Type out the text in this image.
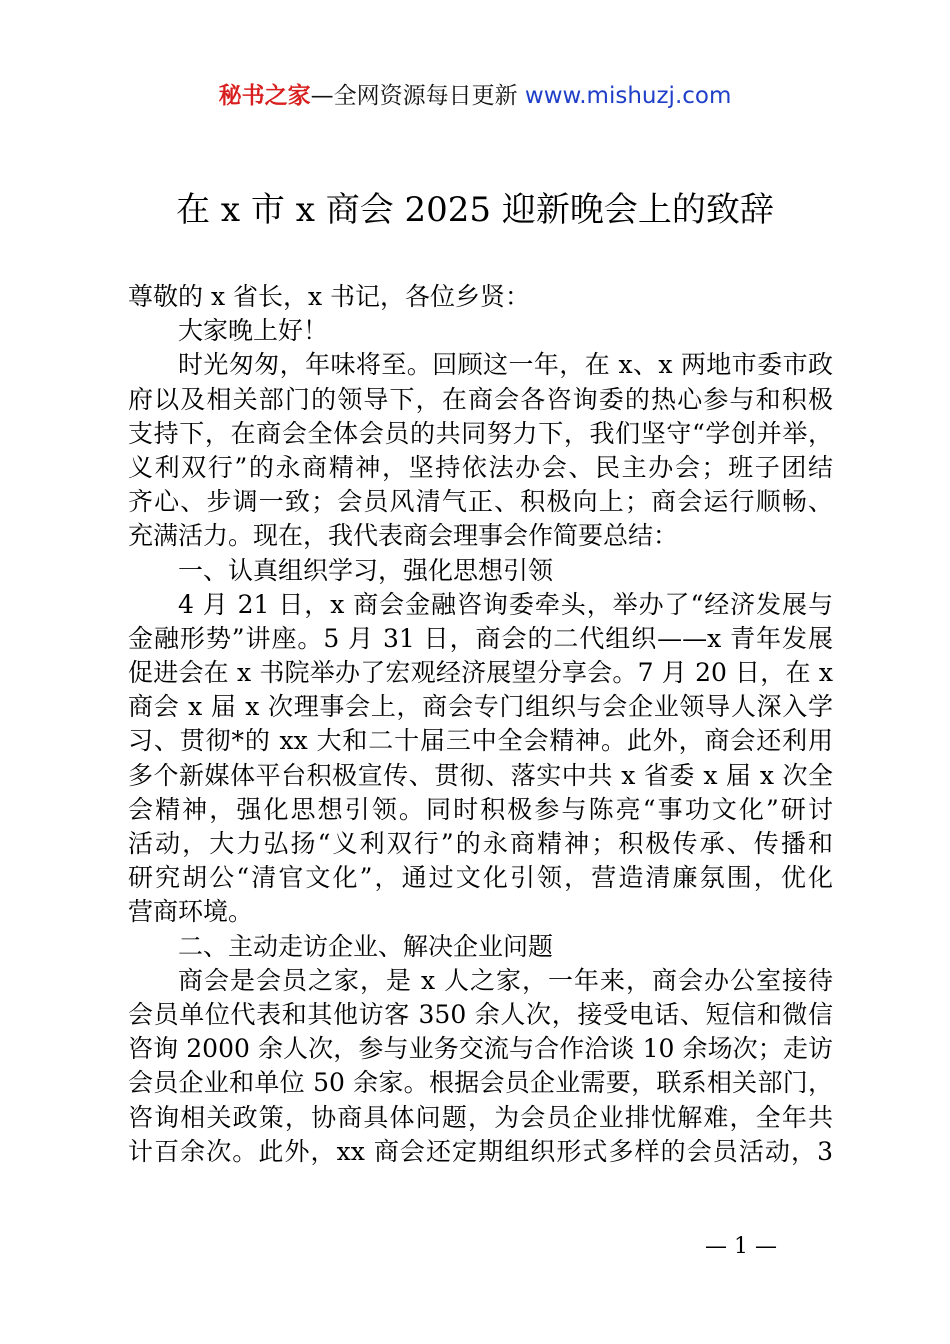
秘书之家—全网资源每日更新 www.mishuzj.com
在 x 市 x 商会 2025 迎新晚会上的致辞
尊敬的 x 省长，x 书记，各位乡贤：
大家晚上好！
时光匆匆，年味将至。回顾这一年，在 x、x 两地市委市政
府以及相关部门的领导下，在商会各咨询委的热心参与和积极
支持下，在商会全体会员的共同努力下，我们坚守“学创并举，
义利双行”的永商精神，坚持依法办会、民主办会；班子团结
齐心、步调一致；会员风清气正、积极向上；商会运行顺畅、
充满活力。现在，我代表商会理事会作简要总结：
一、认真组织学习，强化思想引领
4 月 21 日，x 商会金融咨询委牵头，举办了“经济发展与
金融形势”讲座。5 月 31 日，商会的二代组织——x 青年发展
促进会在 x 书院举办了宏观经济展望分享会。7 月 20 日，在 x
商会 x 届 x 次理事会上，商会专门组织与会企业领导人深入学
习、贯彻*的 xx 大和二十届三中全会精神。此外，商会还利用
多个新媒体平台积极宣传、贯彻、落实中共 x 省委 x 届 x 次全
会精神，强化思想引领。同时积极参与陈亮“事功文化”研讨
活动，大力弘扬“义利双行”的永商精神；积极传承、传播和
研究胡公“清官文化”，通过文化引领，营造清廉氛围，优化
营商环境。
二、主动走访企业、解决企业问题
商会是会员之家，是 x 人之家，一年来，商会办公室接待
会员单位代表和其他访客 350 余人次，接受电话、短信和微信
咨询 2000 余人次，参与业务交流与合作洽谈 10 余场次；走访
会员企业和单位 50 余家。根据会员企业需要，联系相关部门，
咨询相关政策，协商具体问题，为会员企业排忧解难，全年共
计百余次。此外，xx 商会还定期组织形式多样的会员活动，3
— 1 —
